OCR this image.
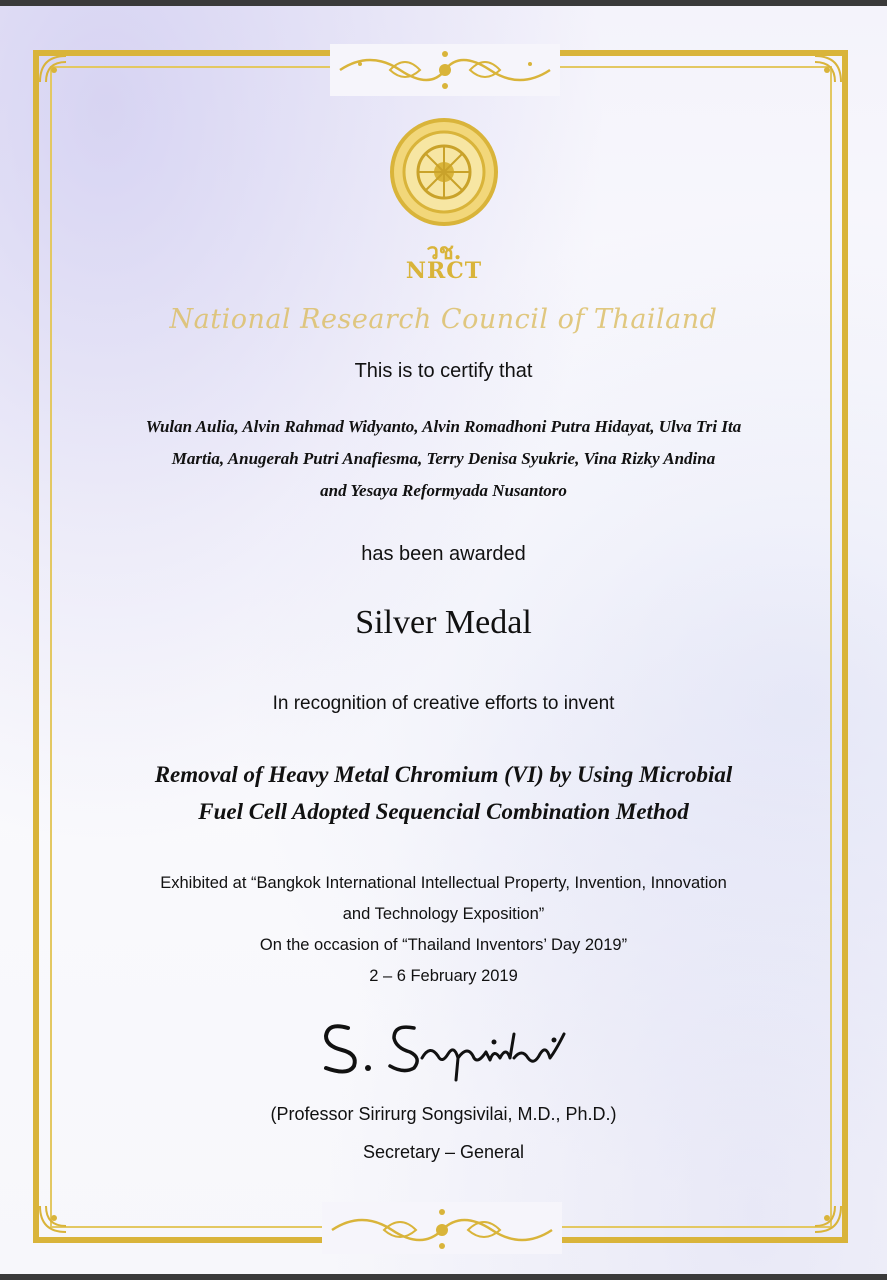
วช.
NRCT
National Research Council of Thailand
This is to certify that
Wulan Aulia, Alvin Rahmad Widyanto, Alvin Romadhoni Putra Hidayat, Ulva Tri Ita
Martia, Anugerah Putri Anafiesma, Terry Denisa Syukrie, Vina Rizky Andina
and Yesaya Reformyada Nusantoro
has been awarded
Silver Medal
In recognition of creative efforts to invent
Removal of Heavy Metal Chromium (VI) by Using Microbial
Fuel Cell Adopted Sequencial Combination Method
Exhibited at “Bangkok International Intellectual Property, Invention, Innovation
and Technology Exposition”
On the occasion of “Thailand Inventors’ Day 2019”
2 – 6 February 2019
(Professor Sirirurg Songsivilai, M.D., Ph.D.)
Secretary – General
